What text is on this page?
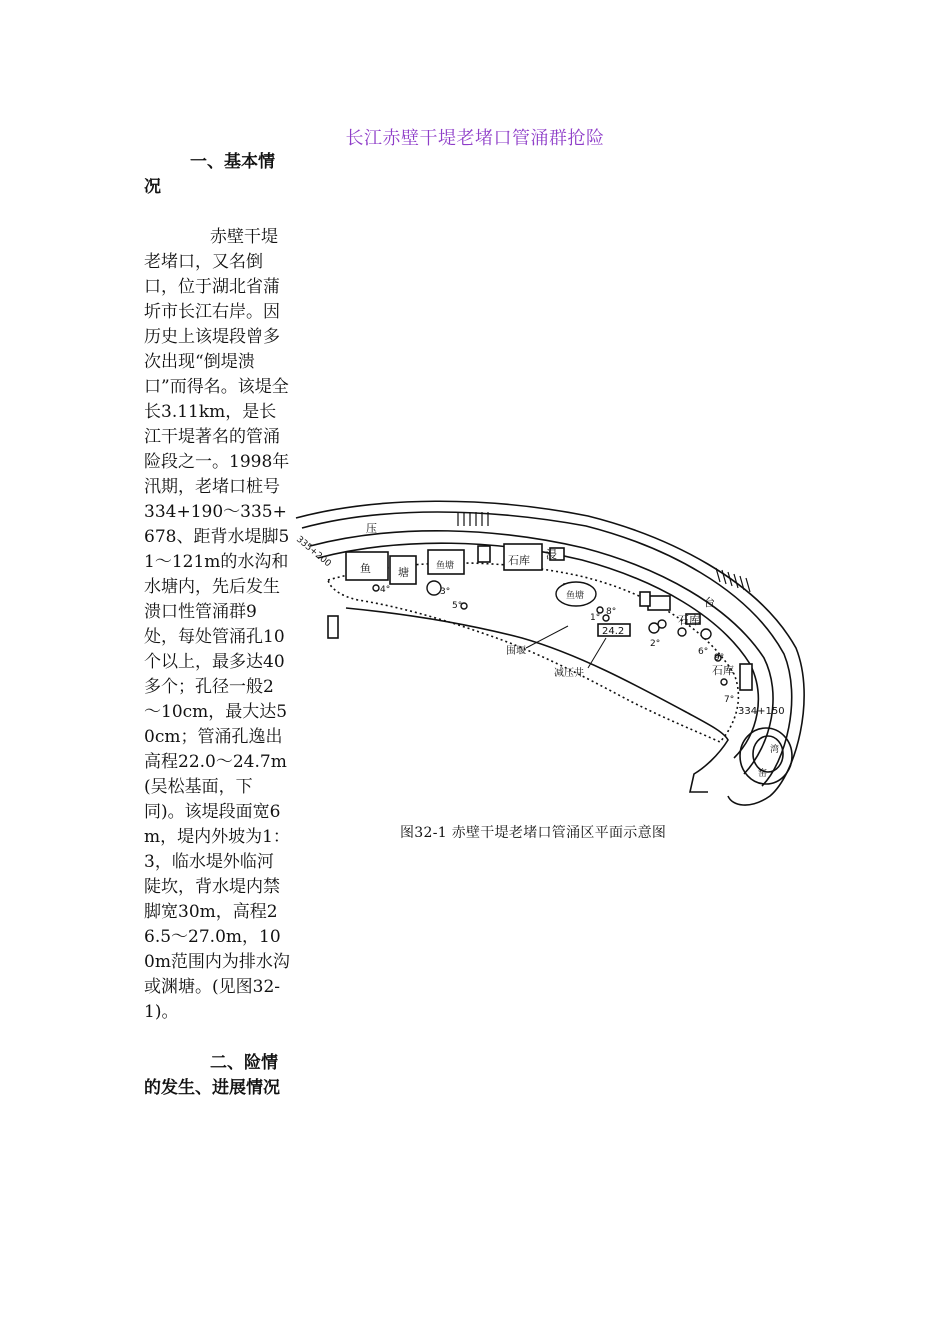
长江赤壁干堤老堵口管涌群抢险

一、基本情况

赤壁干堤老堵口，又名倒口，位于湖北省蒲圻市长江右岸。因历史上该堤段曾多次出现“倒堤溃口”而得名。该堤全长3.11km，是长江干堤著名的管涌险段之一。1998年汛期，老堵口桩号334+190～335+678、距背水堤脚51～121m的水沟和水塘内，先后发生溃口性管涌群9处，每处管涌孔10个以上，最多达40多个；孔径一般2～10cm，最大达50cm；管涌孔逸出高程22.0～24.7m(吴松基面，下同)。该堤段面宽6m，堤内外坡为1：3，临水堤外临河陡坎，背水堤内禁脚宽30m，高程26.5～27.0m，100m范围内为排水沟或渊塘。(见图32-1)。

二、险情的发生、进展情况

335+200
压
浸
台
鱼 塘	鱼塘
鱼塘
石库
石库
石库
围堰
减压井
24.2
334+150
湾
窑
1°
2°
3°
4°
5°
6°
7°
8°
9°
图32-1 赤壁干堤老堵口管涌区平面示意图
